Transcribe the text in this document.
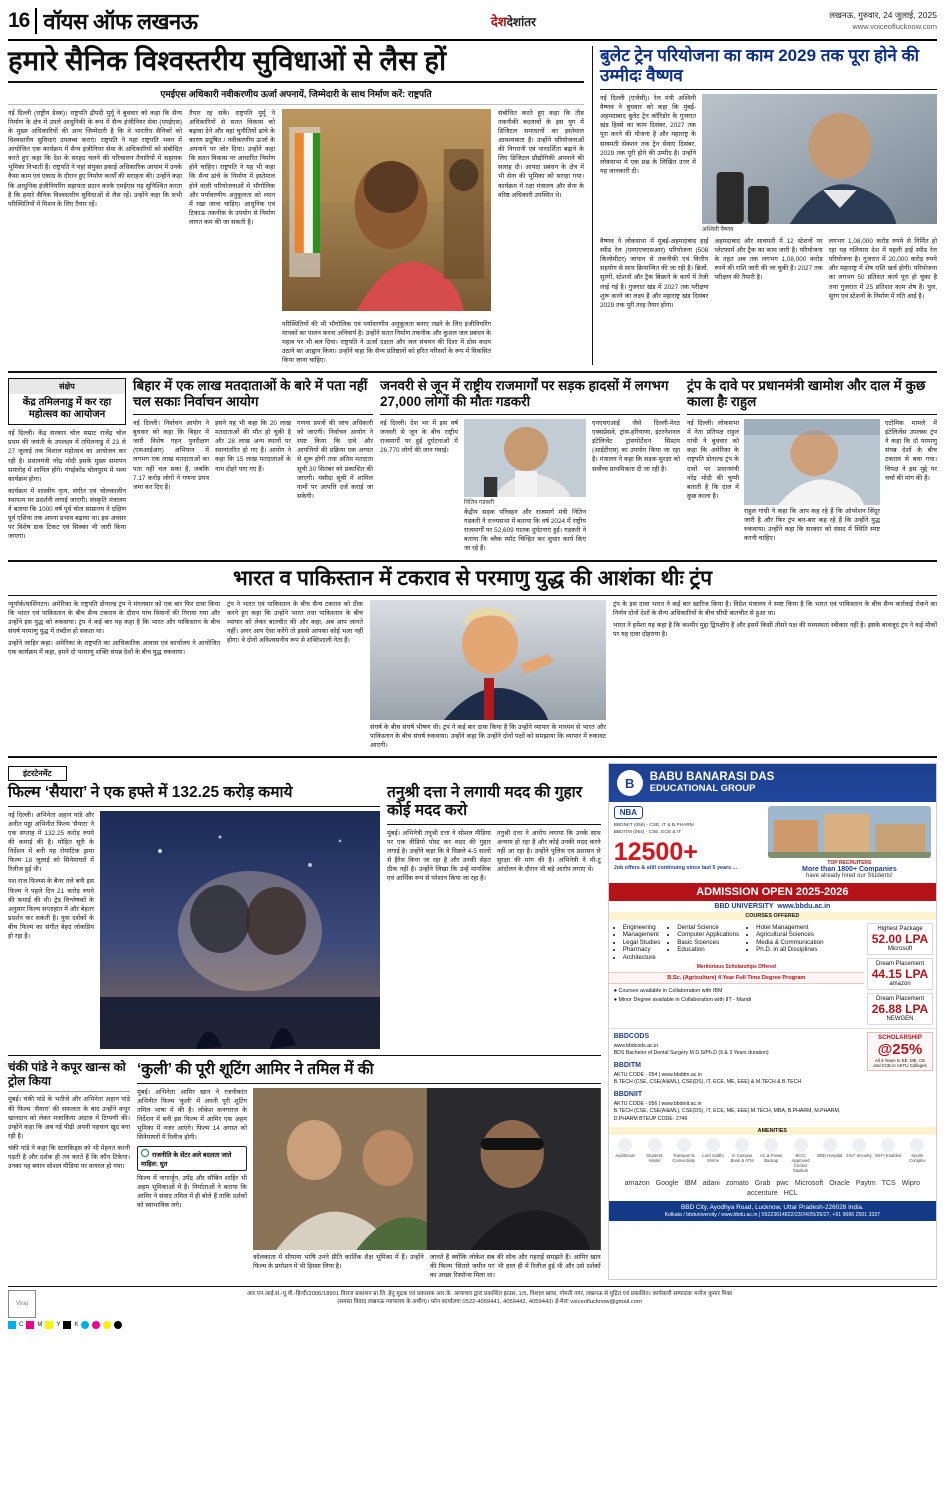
16 वॉयस ऑफ लखनऊ	देशदेशांतर	लखनऊ, गुरुवार, 24 जुलाई, 2025
www.voiceoflucknow.com
हमारे सैनिक विश्वस्तरीय सुविधाओं से लैस हों
एमईएस अधिकारी नवीकरणीय ऊर्जा अपनायें, जिम्मेदारी के साथ निर्माण करें: राष्ट्रपति
नई दिल्ली (राष्ट्रीय डेस्क)। राष्ट्रपति द्रौपदी मुर्मू ने बुधवार को कहा कि सैन्य निर्माण के क्षेत्र में उपले आधुनिकी के रूप में सैन्य इंजीनियर सेवा (एमईएस) के मुख्य अधिकारियों की आम जिम्मेदारी है कि वे भारतीय सैनिकों को विश्वस्तरीय सुविधाएं उपलब्ध कराएं। राष्ट्रपति ने यहां राष्ट्रपति भवन में आयोजित एक कार्यक्रम में सैन्य इंजीनियर सेवा के अधिकारियों को संबोधित करते हुए कहा कि देश के सरहद चलने की परिचालन तैयारियों में सहायक भूमिका निभाती हैं। राष्ट्रपति ने यहां संयुक्त इकाई अधिकारिक आयाम में उनके कैसा काम एवं एकाग्र के दौरान हुए निर्माण कार्यों की सराहना की। उन्होंने कहा कि आधुनिक इंजीनियरिंग सहायता प्रदान करके एमईएस यह सुनिश्चित करता है कि हमारे सैनिक विश्वस्तरीय सुविधाओं से लैस रहें। उन्होंने कहा कि सभी परिस्थितियों में मिशन के लिए तैयार रहें।
तैयार रह सकें। राष्ट्रपति मुर्मू ने अधिकारियों से सतत विकास को बढ़ावा देने और वहां चुनौतियों ढांचे के कारण प्रदूषित / नवीकरणीय ऊर्जा के अपनाने पर जोर दिया। उन्होंने कहा कि सतत विकास पर आधारित निर्माण होने चाहिए। राष्ट्रपति ने यह भी कहा कि सैन्य ढांचे के निर्माण में इस्तेमाल होने वाली परियोजनाओं में भौगोलिक और पर्यावरणीय अनुकूलता को ध्यान में रखा जाना चाहिए। आधुनिक एवं टिकाऊ तकनीक के उपयोग से निर्माण लागत कम की जा सकती है।

परिस्थितियों की भी भौगोलिक एवं पर्यावरणीय अनुकूलता बनाए रखने के लिए इंजीनियरिंग मानकों का पालन करना अनिवार्य है। उन्होंने सतत निर्माण तकनीक और कुशल जल प्रबंधन के महत्व पर भी बल दिया। राष्ट्रपति ने ऊर्जा दक्षता और जल संचयन की दिशा में ठोस कदम उठाने का आह्वान किया। उन्होंने कहा कि सैन्य प्रतिष्ठानों को हरित परिसरों के रूप में विकसित किया जाना चाहिए।
संबोधित करते हुए कहा कि तीव्र तकनीकी बदलावों के इस युग में डिजिटल समाधानों का इस्तेमाल आवश्यकता है। उन्होंने परियोजनाओं की निगरानी एवं पारदर्शिता बढ़ाने के लिए डिजिटल प्रौद्योगिकी अपनाने की सलाह दी। आपदा प्रबंधन के क्षेत्र में भी सेना की भूमिका को सराहा गया। कार्यक्रम में रक्षा मंत्रालय और सेना के वरिष्ठ अधिकारी उपस्थित थे।
बुलेट ट्रेन परियोजना का काम 2029 तक पूरा होने की उम्मीदः वैष्णव
नई दिल्ली (एजेंसी)। रेल मंत्री अश्विनी वैष्णव ने बुधवार को कहा कि मुंबई-अहमदाबाद बुलेट ट्रेन कॉरिडोर के गुजरात खंड हिस्से का काम दिसंबर, 2027 तक पूरा करने की योजना है और महाराष्ट्र के सावमती सेक्शन तक ट्रेन सेवाएं दिसंबर, 2029 तक पूरी होने की उम्मीद है। उन्होंने लोकसभा में एक प्रश्न के लिखित उत्तर में यह जानकारी दी।
अश्विनी वैष्णव
वैष्णव ने लोकसभा में मुंबई-अहमदाबाद हाई स्पीड रेल (एमएएचएसआर) परियोजना (508 किलोमीटर) जापान से तकनीकी एवं वित्तीय सहयोग से साथ क्रियान्वित की जा रही है। ब्रिजों, सुरंगों, स्टेशनों और ट्रैक बिछाने के कार्य में तेजी लाई गई है। गुजरात खंड में 2027 तक परीक्षण शुरू करने का लक्ष्य है और महाराष्ट्र खंड दिसंबर 2029 तक पूरी तरह तैयार होगा।
अहमदाबाद और सावमती में 12 स्टेशनों पर प्लेटफार्म और ट्रैक का काम जारी है। परियोजना के तहत अब तक लगभग 1,08,000 करोड़ रुपये की राशि जारी की जा चुकी है। 2027 तक परीक्षण की तैयारी है।
लगभग 1,08,000 करोड़ रुपये से निर्मित हो रहा यह गलियारा देश में पहली हाई स्पीड रेल परियोजना है। गुजरात में 20,000 करोड़ रुपये और महाराष्ट्र में शेष राशि खर्च होगी। परियोजना का लगभग 50 प्रतिशत कार्य पूरा हो चुका है तथा गुजरात में 25 प्रतिशत काम शेष है। पुल, सुरंग एवं स्टेशनों के निर्माण में गति आई है।
संक्षेप
केंद्र तमिलनाडु में कर रहा महोत्सव का आयोजन
नई दिल्ली। केंद्र सरकार चोल सम्राट राजेंद्र चोल प्रथम की जयंती के उपलक्ष्य में तमिलनाडु में 23 से 27 जुलाई तक विशाल महोत्सव का आयोजन कर रही है। प्रधानमंत्री नरेंद्र मोदी इसके मुख्य समापन समारोह में शामिल होंगे। गंगईकोंड चोलपुरम में भव्य कार्यक्रम होगा।
कार्यक्रम में शास्त्रीय नृत्य, संगीत एवं चोलकालीन स्थापत्य पर प्रदर्शनी लगाई जाएगी। संस्कृति मंत्रालय ने बताया कि 1000 वर्ष पूर्व चोल साम्राज्य ने दक्षिण पूर्व एशिया तक अपना प्रभाव बढ़ाया था। इस अवसर पर विशेष डाक टिकट एवं सिक्का भी जारी किया जाएगा।
बिहार में एक लाख मतदाताओं के बारे में पता नहीं चल सकाः निर्वाचन आयोग
नई दिल्ली। निर्वाचन आयोग ने बुधवार को कहा कि बिहार में जारी विशेष गहन पुनरीक्षण (एसआईआर) अभियान में लगभग एक लाख मतदाताओं का पता नहीं चल सका है, जबकि 7.17 करोड़ लोगों ने गणना प्रपत्र जमा कर दिए हैं।
इसने यह भी कहा कि 20 लाख मतदाताओं की मौत हो चुकी है और 28 लाख अन्य स्थानों पर स्थानांतरित हो गए हैं। आयोग ने कहा कि 15 लाख मतदाताओं के नाम दोहरे पाए गए हैं।
गणना प्रपत्रों की जांच अधिकारी को जाएगी। निर्वाचन आयोग ने स्पष्ट किया कि दावे और आपत्तियों की प्रक्रिया एक अगस्त से शुरू होगी तथा अंतिम मतदाता सूची 30 सितंबर को प्रकाशित की जाएगी। मसौदा सूची में शामिल नामों पर आपत्ति दर्ज कराई जा सकेगी।
जनवरी से जून में राष्ट्रीय राजमार्गों पर सड़क हादसों में लगभग 27,000 लोगों की मौतः गडकरी
नई दिल्ली। देश भर में इस वर्ष जनवरी से जून के बीच राष्ट्रीय राजमार्गों पर हुई दुर्घटनाओं में 26,770 लोगों की जान गंवाई।
नितिन गडकरी
केंद्रीय सड़क परिवहन और राजमार्ग मंत्री नितिन गडकरी ने राज्यसभा में बताया कि वर्ष 2024 में राष्ट्रीय राजमार्गों पर 52,609 घातक दुर्घटनाएं हुईं। गडकरी ने बताया कि ब्लैक स्पॉट चिन्हित कर सुधार कार्य किए जा रहे हैं।
एनएचएआई जैसे दिल्ली-मेरठ एक्सप्रेसवे, ट्रांस-हरियाणा, इंटरनेशनल इंटेलिजेंट ट्रांसपोर्टेशन सिस्टम (आईटीएस) का उपयोग किया जा रहा है। मंत्रालय ने कहा कि सड़क सुरक्षा को सर्वोच्च प्राथमिकता दी जा रही है।
ट्रंप के दावे पर प्रधानमंत्री खामोश और दाल में कुछ काला हैः राहुल
नई दिल्ली। लोकसभा में नेता प्रतिपक्ष राहुल गांधी ने बुधवार को कहा कि अमेरिका के राष्ट्रपति डोनाल्ड ट्रंप के दावों पर प्रधानमंत्री नरेंद्र मोदी की चुप्पी बताती है कि दाल में कुछ काला है।
राहुल गांधी ने कहा कि आप कह रहे हैं कि ऑपरेशन सिंदूर जारी है और फिर ट्रंप बार-बार कह रहे हैं कि उन्होंने युद्ध रुकवाया। उन्होंने कहा कि सरकार को संसद में स्थिति स्पष्ट करनी चाहिए।
एटोमिक मामले में इंटेलिजेंस उपलब्ध ट्रंप ने कहा कि दो परमाणु संपन्न देशों के बीच टकराव से बचा गया। विपक्ष ने इस मुद्दे पर चर्चा की मांग की है।
भारत व पाकिस्तान में टकराव से परमाणु युद्ध की आशंका थीः ट्रंप
न्यूयॉर्क/वाशिंगटन। अमेरिका के राष्ट्रपति डोनाल्ड ट्रंप ने मंगलवार को एक बार फिर दावा किया कि भारत एवं पाकिस्तान के बीच सैन्य टकराव के दौरान पांच विमानों की गिराया गया और उन्होंने इस युद्ध को रुकवाया। ट्रंप ने कई बार यह कहा है कि भारत और पाकिस्तान के बीच संघर्ष परमाणु युद्ध में तब्दील हो सकता था।
उन्होंने जाहिर कहा। अमेरिका के राष्ट्रपति का आधिकारिक आवास एवं कार्यालय ने आयोजित एक कार्यक्रम में कहा, हमने दो परमाणु शक्ति संपन्न देशों के बीच युद्ध रुकवाया।
ट्रंप ने भारत एवं पाकिस्तान के बीच सैन्य टकराव को ठीक करने हुए कहा कि उन्होंने भारत तथा पाकिस्तान के बीच व्यापार को लेकर बातचीत की और कहा, अब आप जानते नहीं। अगर आप ऐसा करेंगे तो इससे आपका कोई भला नहीं होगा। वे दोनों अविश्वसनीय रूप से शक्तिशाली नेता हैं।
संघर्ष के बीच संघर्ष भीषण थी। ट्रंप ने कई बार दावा किया है कि उन्होंने व्यापार के माध्यम से भारत और पाकिस्तान के बीच संघर्ष रुकवाया। उन्होंने कहा कि उन्होंने दोनों पक्षों को समझाया कि व्यापार में रुकावट आएगी।
ट्रंप के इस दावा भारत ने कई बार खारिज किया है। विदेश मंत्रालय ने स्पष्ट किया है कि भारत एवं पाकिस्तान के बीच सैन्य कार्रवाई रोकने का निर्णय दोनों देशों के सैन्य अधिकारियों के बीच सीधी बातचीत से हुआ था।
भारत ने हमेशा यह कहा है कि कश्मीर मुद्दा द्विपक्षीय है और इसमें किसी तीसरे पक्ष की मध्यस्थता स्वीकार नहीं है। इसके बावजूद ट्रंप ने कई मौकों पर यह दावा दोहराया है।
इंटरटेनमेंट
फिल्म ‘सैयारा’ ने एक हफ्ते में 132.25 करोड़ कमाये
नई दिल्ली। अभिनेता अहान पांडे और अनीत पड्डा अभिनीत फिल्म ‘सैयारा’ ने एक सप्ताह में 132.25 करोड़ रुपये की कमाई की है। मोहित सूरी के निर्देशन में बनी यह रोमांटिक ड्रामा फिल्म 18 जुलाई को सिनेमाघरों में रिलीज हुई थी।
यश राज फिल्म्स के बैनर तले बनी इस फिल्म ने पहले दिन 21 करोड़ रुपये की कमाई की थी। ट्रेड विश्लेषकों के अनुसार फिल्म सप्ताहांत में और बेहतर प्रदर्शन कर सकती है। युवा दर्शकों के बीच फिल्म का संगीत बेहद लोकप्रिय हो रहा है।
तनुश्री दत्ता ने लगायी मदद की गुहार कोई मदद करो
मुंबई। अभिनेत्री तनुश्री दत्ता ने सोशल मीडिया पर एक वीडियो पोस्ट कर मदद की गुहार लगाई है। उन्होंने कहा कि वे पिछले 4-5 सालों से हैरेस किया जा रहा है और उनकी सेहत ठीक नहीं है। उन्होंने लिखा कि उन्हें मानसिक एवं आर्थिक रूप से परेशान किया जा रहा है।
तनुश्री दत्ता ने आरोप लगाया कि उनके साथ अन्याय हो रहा है और कोई उनकी मदद करने नहीं आ रहा है। उन्होंने पुलिस एवं प्रशासन से सुरक्षा की मांग की है। अभिनेत्री ने मी-टू आंदोलन के दौरान भी बड़े आरोप लगाए थे।
चंकी पांडे ने कपूर खान्स को ट्रोल किया
मुंबई। चंकी पांडे के भतीजे और अभिनेता अहान पांडे की फिल्म ‘सैयारा’ की सफलता के बाद उन्होंने कपूर खानदान को लेकर मजाकिया अंदाज में टिप्पणी की। उन्होंने कहा कि अब नई पीढ़ी अपनी पहचान खुद बना रही है।
चंकी पांडे ने कहा कि स्टारकिड्स को भी मेहनत करनी पड़ती है और दर्शक ही तय करते हैं कि कौन टिकेगा। उनका यह बयान सोशल मीडिया पर वायरल हो गया।
‘कुली’ की पूरी शूटिंग आमिर ने तमिल में की
मुंबई। अभिनेता आमिर खान ने रजनीकांत अभिनीत फिल्म ‘कुली’ में अपनी पूरी शूटिंग तमिल भाषा में की है। लोकेश कनगराज के निर्देशन में बनी इस फिल्म में आमिर एक अहम भूमिका में नजर आएंगे। फिल्म 14 अगस्त को सिनेमाघरों में रिलीज होगी।
राजनीति के सेंटर अले बदलता जाते माहिल: धुत
फिल्म में नागार्जुन, उपेंद्र और सौबिन शाहिर भी अहम भूमिकाओं में हैं। निर्माताओं ने बताया कि आमिर ने संवाद तमिल में ही बोले हैं ताकि दर्शकों को स्वाभाविक लगे।
कोलकाता में सीपाया भाषि उनने प्रीति कार्तिक शैक्ष भूमिका में हैं। उन्होंने फिल्म के प्रमोशन में भी हिस्सा लिया है।
जानते हैं क्योंकि लोकेश सब की सोच और गहराई समझते हैं। आमिर खान की फिल्म ‘सितारे जमीन पर’ भी हाल ही में रिलीज हुई थी और उसे दर्शकों का अच्छा रिस्पॉन्स मिला था।
B BABU BANARASI DAS
EDUCATIONAL GROUP
NBA
BBDNIIT (056) - CSE, IT & B.PHARM
BBDITM (064) - CSE, ECE & IT
12500+
Job offers & still continuing since last 5 years ...
TOP RECRUITERS
More than 1800+ Companies
have already hired our Students!
ADMISSION OPEN 2025-2026
BBD UNIVERSITY www.bbdu.ac.in
COURSES OFFERED
• Engineering
• Management
• Legal Studies
• Pharmacy
• Architecture
• Dental Science
• Computer Applications
• Basic Sciences
• Education
• Hotel Management
• Agricultural Sciences
• Media & Communication
• Ph.D. in all Disciplines
Meritorious Scholarships Offered
B.Sc. (Agriculture) 4 Year Full Time Degree Program
● Courses available in Collaboration with IBM
● Minor Degree available in Collaboration with IIT - Mandi
Highest Package
52.00 LPA
Microsoft
Dream Placement
44.15 LPA
amazon
Dream Placement
26.88 LPA
NEWGEN
BBDCODS
www.bbdcods.ac.in
BDS Bachelor of Dental Surgery M.D.S/Ph.D (9 & 3 Years duration)
BBDITM
AKTU CODE - 054 | www.bbditm.ac.in
B.TECH (CSE, CSE(AI&ML), CSE(DS), IT, ECE, ME, EEE) & M.TECH & B.TECH
BBDNIIT
AKTU CODE - 056 | www.bbdniit.ac.in
B.TECH (CSE, CSE(AI&ML), CSE(DS), IT, ECE, ME, EEE) M.TECH, MBA, B.PHARM, M.PHARM, D.PHARM BTEUP CODE- 2746
SCHOLARSHIP
@25%
All 4 Years In EE, ME, CE and CCE in AKTU Colleges
AMENITIES
Auditorium	Students Hostel
Transport & Connectivity
Lord Siddhi Shrine
In Campus Bank & ATM
AC & Power Backup
BCCI Approved Cricket Stadium
BBD Hospital 24x7 Security Wi-Fi Enabled	Sports Complex
amazon Google IBM adani zomato Grab pwc Microsoft Oracle Paytm TCS Wipro
accenture HCL
BBD City, Ayodhya Road, Lucknow, Uttar Pradesh-226028 India.
Kolkata / bbduniversity / www.bbdu.ac.in | 05223614822/23/24/25/26/27, +91 9696 2501 3337
Viraj
आर.एन.आई.सं.-यू.पी.-हिन्दी/2006/18901 विराज प्रकाशन प्रा.लि. हेतु मुद्रक एवं प्रकाशक आर.के. आयाचार द्वारा प्रकाशित हाउस, 1/5, विशाल खण्ड, गोमती नगर, लखनऊ से मुद्रित एवं प्रकाशित। कार्यकारी सम्पादकः मनोज कुमार मिश्रा
(समस्त विवाद लखनऊ न्यायालय के अधीन)। फोन कार्यालयः 0522-4059441, 4059442, 4059443। ई-मेलः voiceoflucknow@gmail.com
C M Y K
